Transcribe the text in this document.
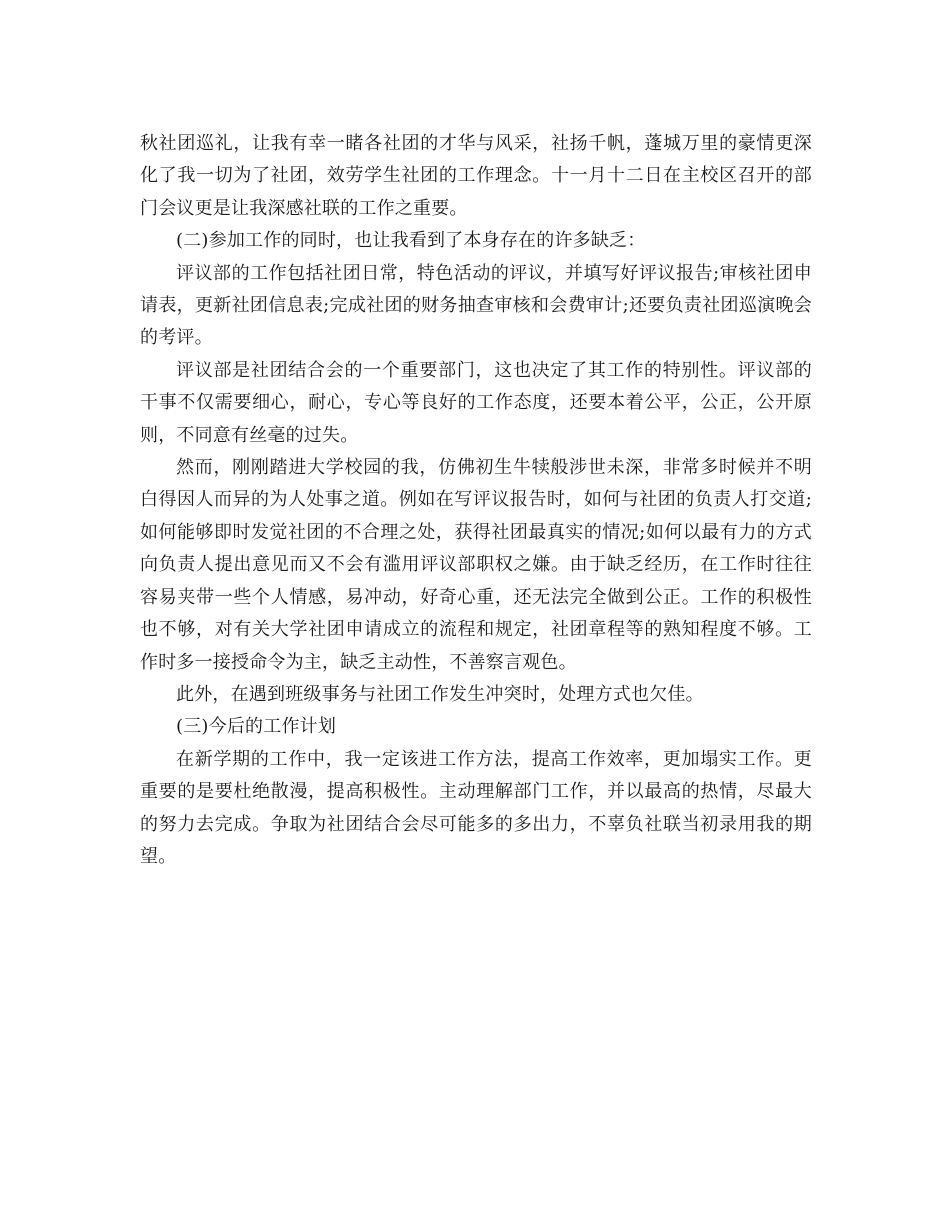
秋社团巡礼，让我有幸一睹各社团的才华与风采，社扬千帆，蓬城万里的豪情更深化了我一切为了社团，效劳学生社团的工作理念。十一月十二日在主校区召开的部门会议更是让我深感社联的工作之重要。

(二)参加工作的同时，也让我看到了本身存在的许多缺乏：

评议部的工作包括社团日常，特色活动的评议，并填写好评议报告;审核社团申请表，更新社团信息表;完成社团的财务抽查审核和会费审计;还要负责社团巡演晚会的考评。

评议部是社团结合会的一个重要部门，这也决定了其工作的特别性。评议部的干事不仅需要细心，耐心，专心等良好的工作态度，还要本着公平，公正，公开原则，不同意有丝毫的过失。

然而，刚刚踏进大学校园的我，仿佛初生牛犊般涉世未深，非常多时候并不明白得因人而异的为人处事之道。例如在写评议报告时，如何与社团的负责人打交道;如何能够即时发觉社团的不合理之处，获得社团最真实的情况;如何以最有力的方式向负责人提出意见而又不会有滥用评议部职权之嫌。由于缺乏经历，在工作时往往容易夹带一些个人情感，易冲动，好奇心重，还无法完全做到公正。工作的积极性也不够，对有关大学社团申请成立的流程和规定，社团章程等的熟知程度不够。工作时多一接授命令为主，缺乏主动性，不善察言观色。

此外，在遇到班级事务与社团工作发生冲突时，处理方式也欠佳。

(三)今后的工作计划

在新学期的工作中，我一定该进工作方法，提高工作效率，更加塌实工作。更重要的是要杜绝散漫，提高积极性。主动理解部门工作，并以最高的热情，尽最大的努力去完成。争取为社团结合会尽可能多的多出力，不辜负社联当初录用我的期望。
